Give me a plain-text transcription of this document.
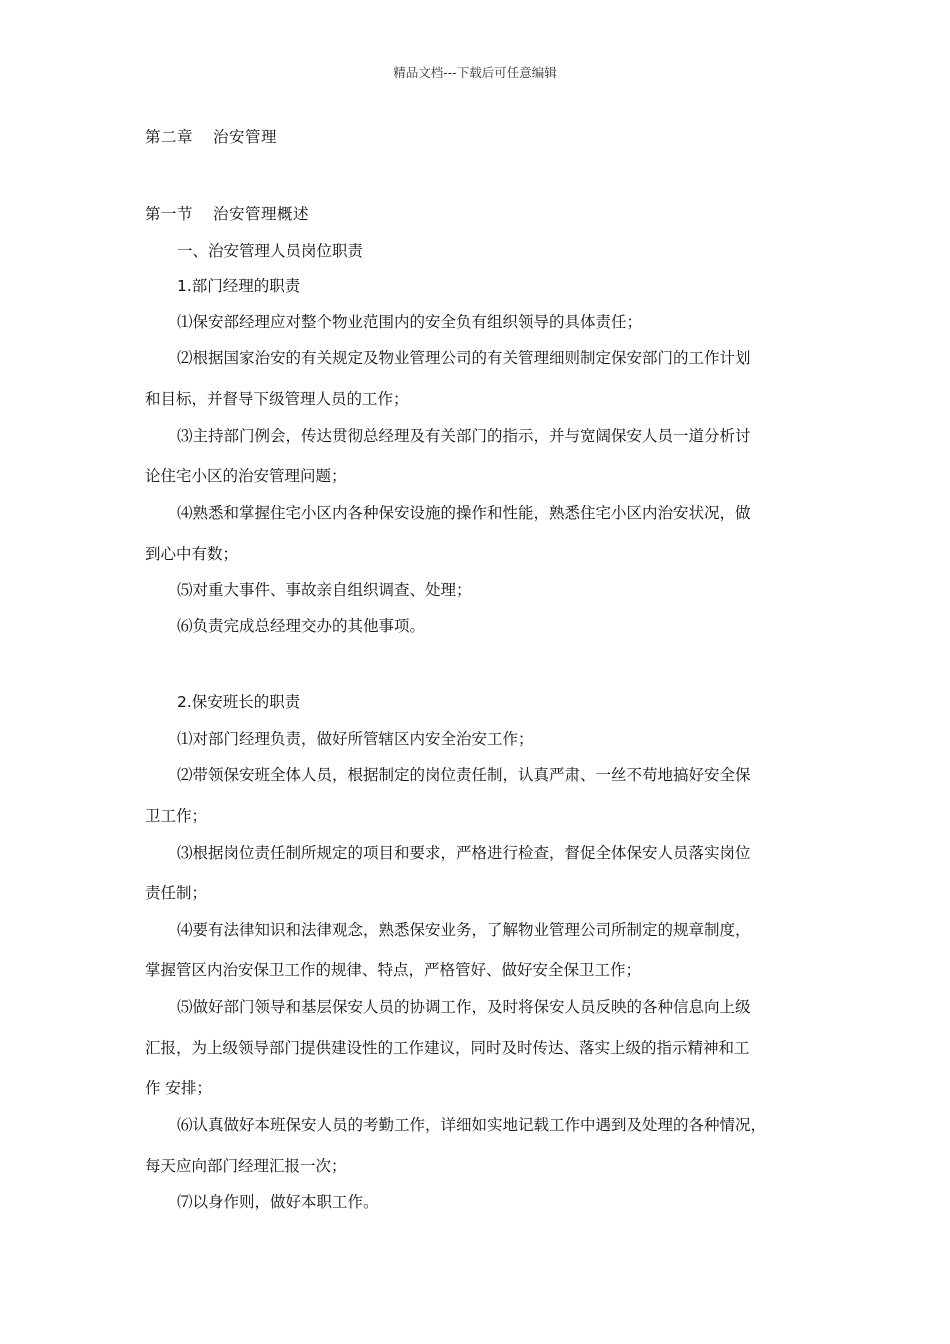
精品文档---下载后可任意编辑
第二章 治安管理
第一节 治安管理概述
一、治安管理人员岗位职责
1.部门经理的职责
⑴保安部经理应对整个物业范围内的安全负有组织领导的具体责任；
⑵根据国家治安的有关规定及物业管理公司的有关管理细则制定保安部门的工作计划
和目标，并督导下级管理人员的工作；
⑶主持部门例会，传达贯彻总经理及有关部门的指示，并与宽阔保安人员一道分析讨
论住宅小区的治安管理问题；
⑷熟悉和掌握住宅小区内各种保安设施的操作和性能，熟悉住宅小区内治安状况，做
到心中有数；
⑸对重大事件、事故亲自组织调查、处理；
⑹负责完成总经理交办的其他事项。
2.保安班长的职责
⑴对部门经理负责，做好所管辖区内安全治安工作；
⑵带领保安班全体人员，根据制定的岗位责任制，认真严肃、一丝不苟地搞好安全保
卫工作；
⑶根据岗位责任制所规定的项目和要求，严格进行检查，督促全体保安人员落实岗位
责任制；
⑷要有法律知识和法律观念，熟悉保安业务，了解物业管理公司所制定的规章制度，
掌握管区内治安保卫工作的规律、特点，严格管好、做好安全保卫工作；
⑸做好部门领导和基层保安人员的协调工作，及时将保安人员反映的各种信息向上级
汇报，为上级领导部门提供建设性的工作建议，同时及时传达、落实上级的指示精神和工
作 安排；
⑹认真做好本班保安人员的考勤工作，详细如实地记载工作中遇到及处理的各种情况，
每天应向部门经理汇报一次；
⑺以身作则，做好本职工作。
